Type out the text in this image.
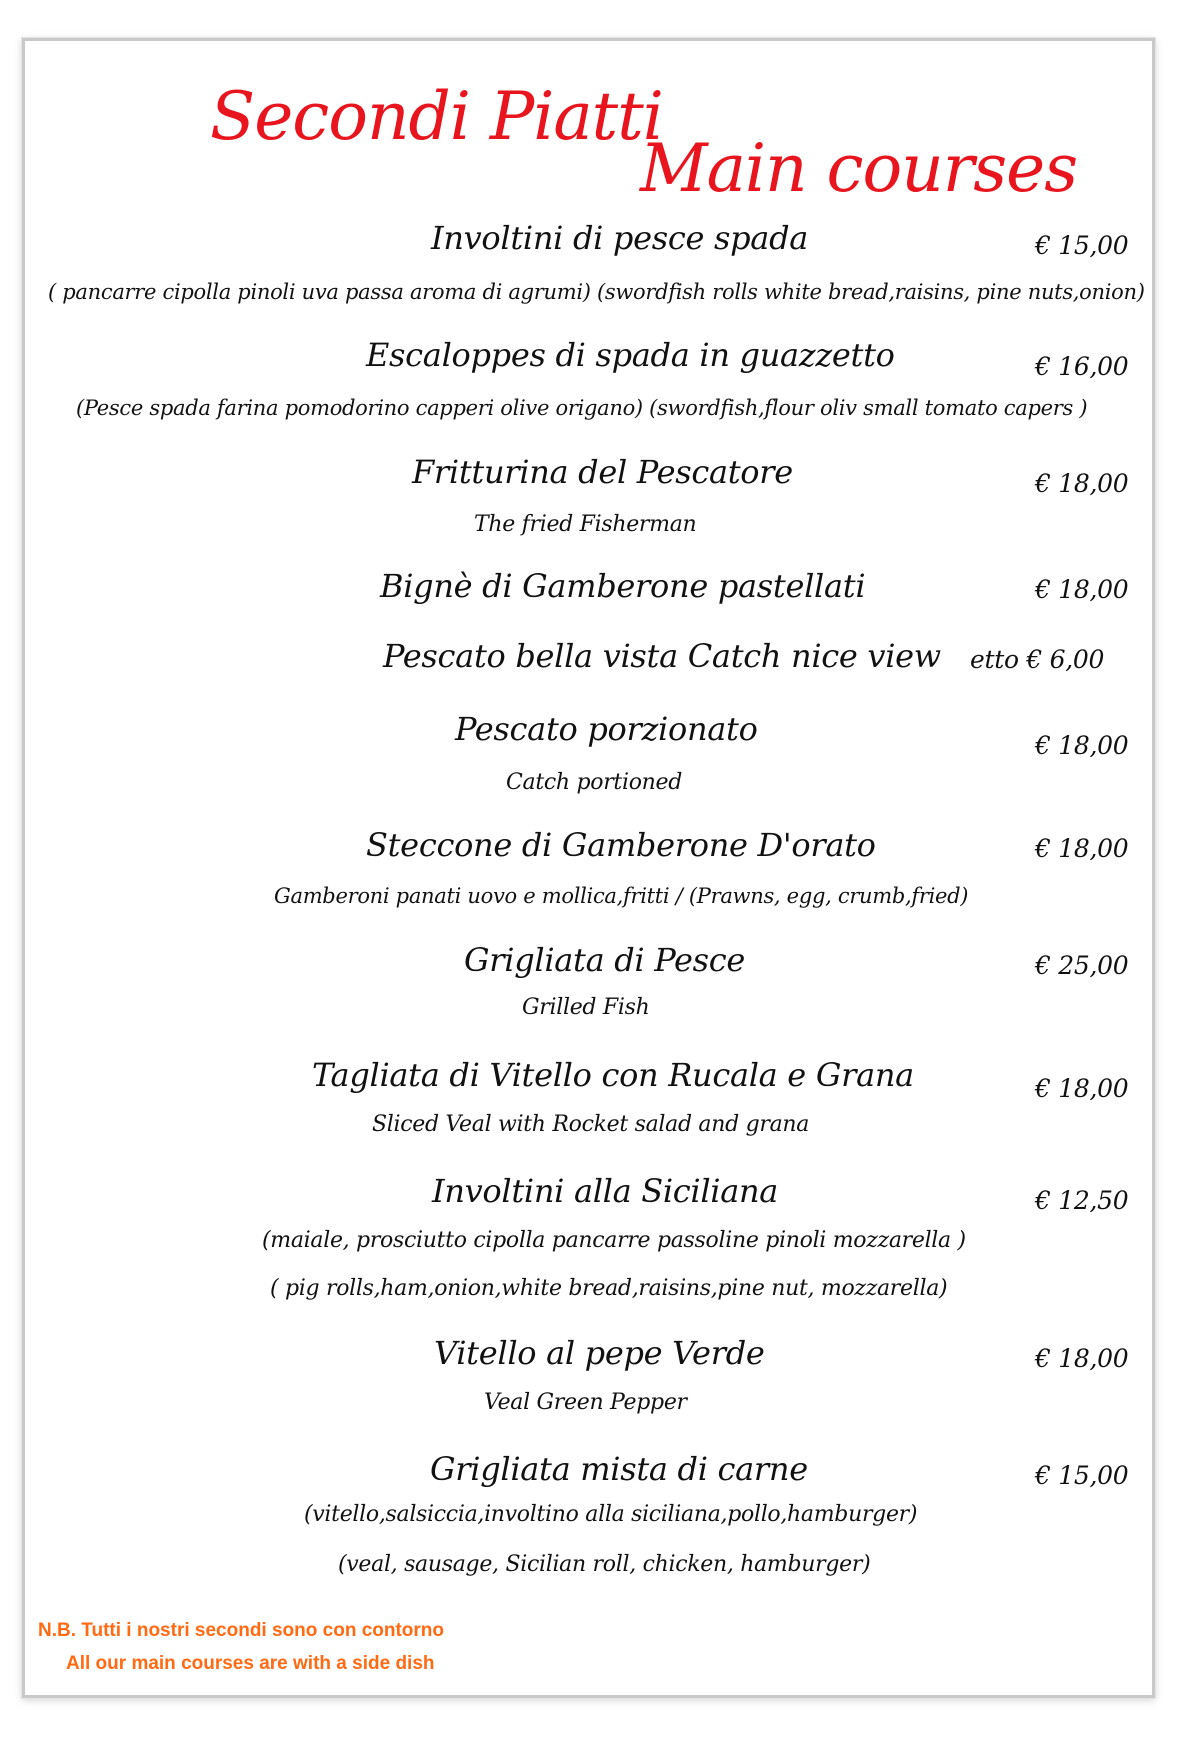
Secondi Piatti
Main courses
Involtini di pesce spada	€ 15,00
( pancarre cipolla pinoli uva passa aroma di agrumi) (swordfish rolls white bread,raisins, pine nuts,onion)
Escaloppes di spada in guazzetto	€ 16,00
(Pesce spada farina pomodorino capperi olive origano) (swordfish,flour oliv small tomato capers )
Fritturina del Pescatore	€ 18,00
The fried Fisherman
Bignè di Gamberone pastellati	€ 18,00
Pescato bella vista Catch nice view etto € 6,00
Pescato porzionato	€ 18,00
Catch portioned
Steccone di Gamberone D'orato	€ 18,00
Gamberoni panati uovo e mollica,fritti / (Prawns, egg, crumb,fried)
Grigliata di Pesce	€ 25,00
Grilled Fish
Tagliata di Vitello con Rucala e Grana	€ 18,00
Sliced Veal with Rocket salad and grana
Involtini alla Siciliana	€ 12,50
(maiale, prosciutto cipolla pancarre passoline pinoli mozzarella )
( pig rolls,ham,onion,white bread,raisins,pine nut, mozzarella)
Vitello al pepe Verde	€ 18,00
Veal Green Pepper
Grigliata mista di carne	€ 15,00
(vitello,salsiccia,involtino alla siciliana,pollo,hamburger)
(veal, sausage, Sicilian roll, chicken, hamburger)
N.B. Tutti i nostri secondi sono con contorno
All our main courses are with a side dish
